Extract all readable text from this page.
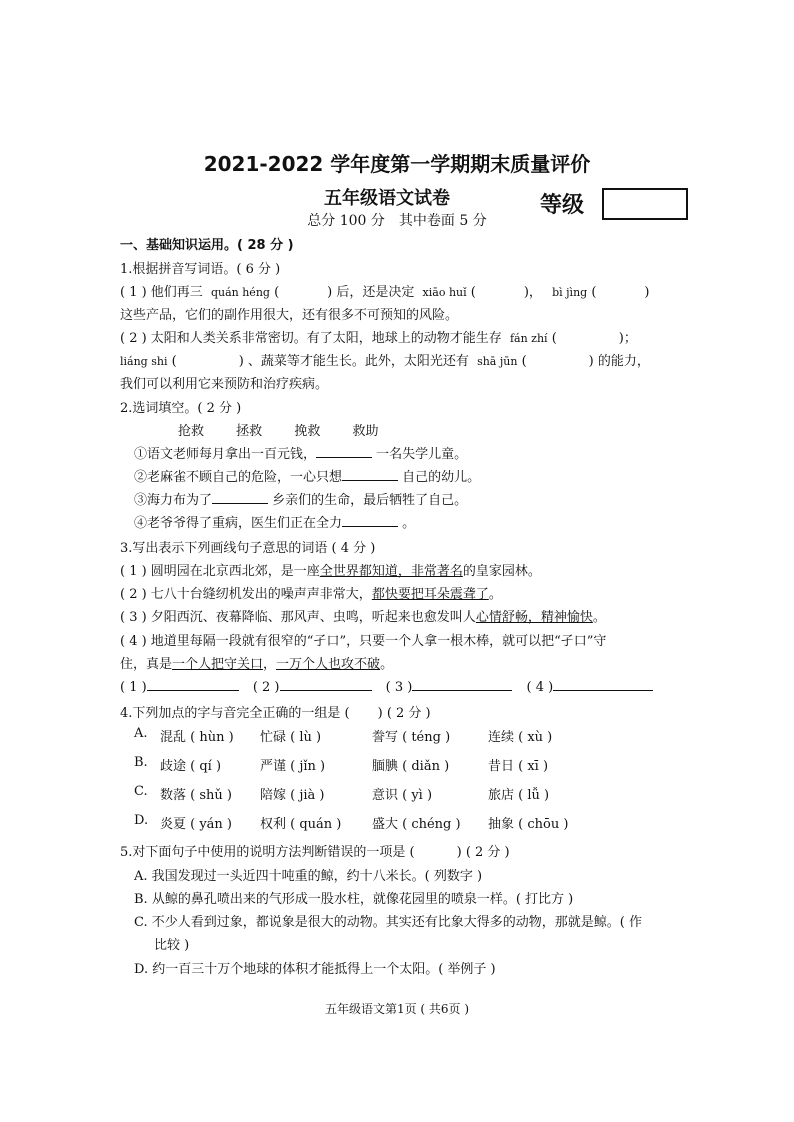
2021-2022 学年度第一学期期末质量评价
五年级语文试卷
总分 100 分　其中卷面 5 分
等级
一、基础知识运用。( 28 分 )
1.根据拼音写词语。( 6 分 )
( 1 ) 他们再三 quán héng (	) 后，还是决定 xiāo huǐ (	)， bì jìng (	)
这些产品，它们的副作用很大，还有很多不可预知的风险。
( 2 ) 太阳和人类关系非常密切。有了太阳，地球上的动物才能生存 fán zhí (	)；
liáng shi (	) 、蔬菜等才能生长。此外，太阳光还有 shā jūn (	) 的能力，
我们可以利用它来预防和治疗疾病。
2.选词填空。( 2 分 )
抢救 拯救 挽救 救助
①语文老师每月拿出一百元钱，	一名失学儿童。
②老麻雀不顾自己的危险，一心只想	自己的幼儿。
③海力布为了	乡亲们的生命，最后牺牲了自己。
④老爷爷得了重病，医生们正在全力	。
3.写出表示下列画线句子意思的词语 ( 4 分 )
( 1 ) 圆明园在北京西北郊，是一座全世界都知道，非常著名的皇家园林。
( 2 ) 七八十台缝纫机发出的噪声声非常大，都快要把耳朵震聋了。
( 3 ) 夕阳西沉、夜幕降临、那风声、虫鸣，听起来也愈发叫人心情舒畅，精神愉快。
( 4 ) 地道里每隔一段就有很窄的“孑口”，只要一个人拿一根木棒，就可以把“孑口”守
住，真是一个人把守关口，一万个人也攻不破。
( 1 )	( 2 )	( 3 )	( 4 )
4.下列加点的字与音完全正确的一组是 ( ) ( 2 分 )
A. 混乱 ( hùn ) 忙碌 ( lù )	誊写 ( téng )	连续 ( xù )
B. 歧途 ( qí )	严谨 ( jǐn )	腼腆 ( diǎn )	昔日 ( xī )
C. 数落 ( shǔ ) 陪嫁 ( jià )	意识 ( yì )	旅店 ( lǚ )
D. 炎夏 ( yán ) 权利 ( quán ) 盛大 ( chéng ) 抽象 ( chōu )
5.对下面句子中使用的说明方法判断错误的一项是 (	) ( 2 分 )
A. 我国发现过一头近四十吨重的鲸，约十八米长。( 列数字 )
B. 从鲸的鼻孔喷出来的气形成一股水柱，就像花园里的喷泉一样。( 打比方 )
C. 不少人看到过象，都说象是很大的动物。其实还有比象大得多的动物，那就是鲸。( 作
比较 )
D. 约一百三十万个地球的体积才能抵得上一个太阳。( 举例子 )
五年级语文第1页 ( 共6页 )
